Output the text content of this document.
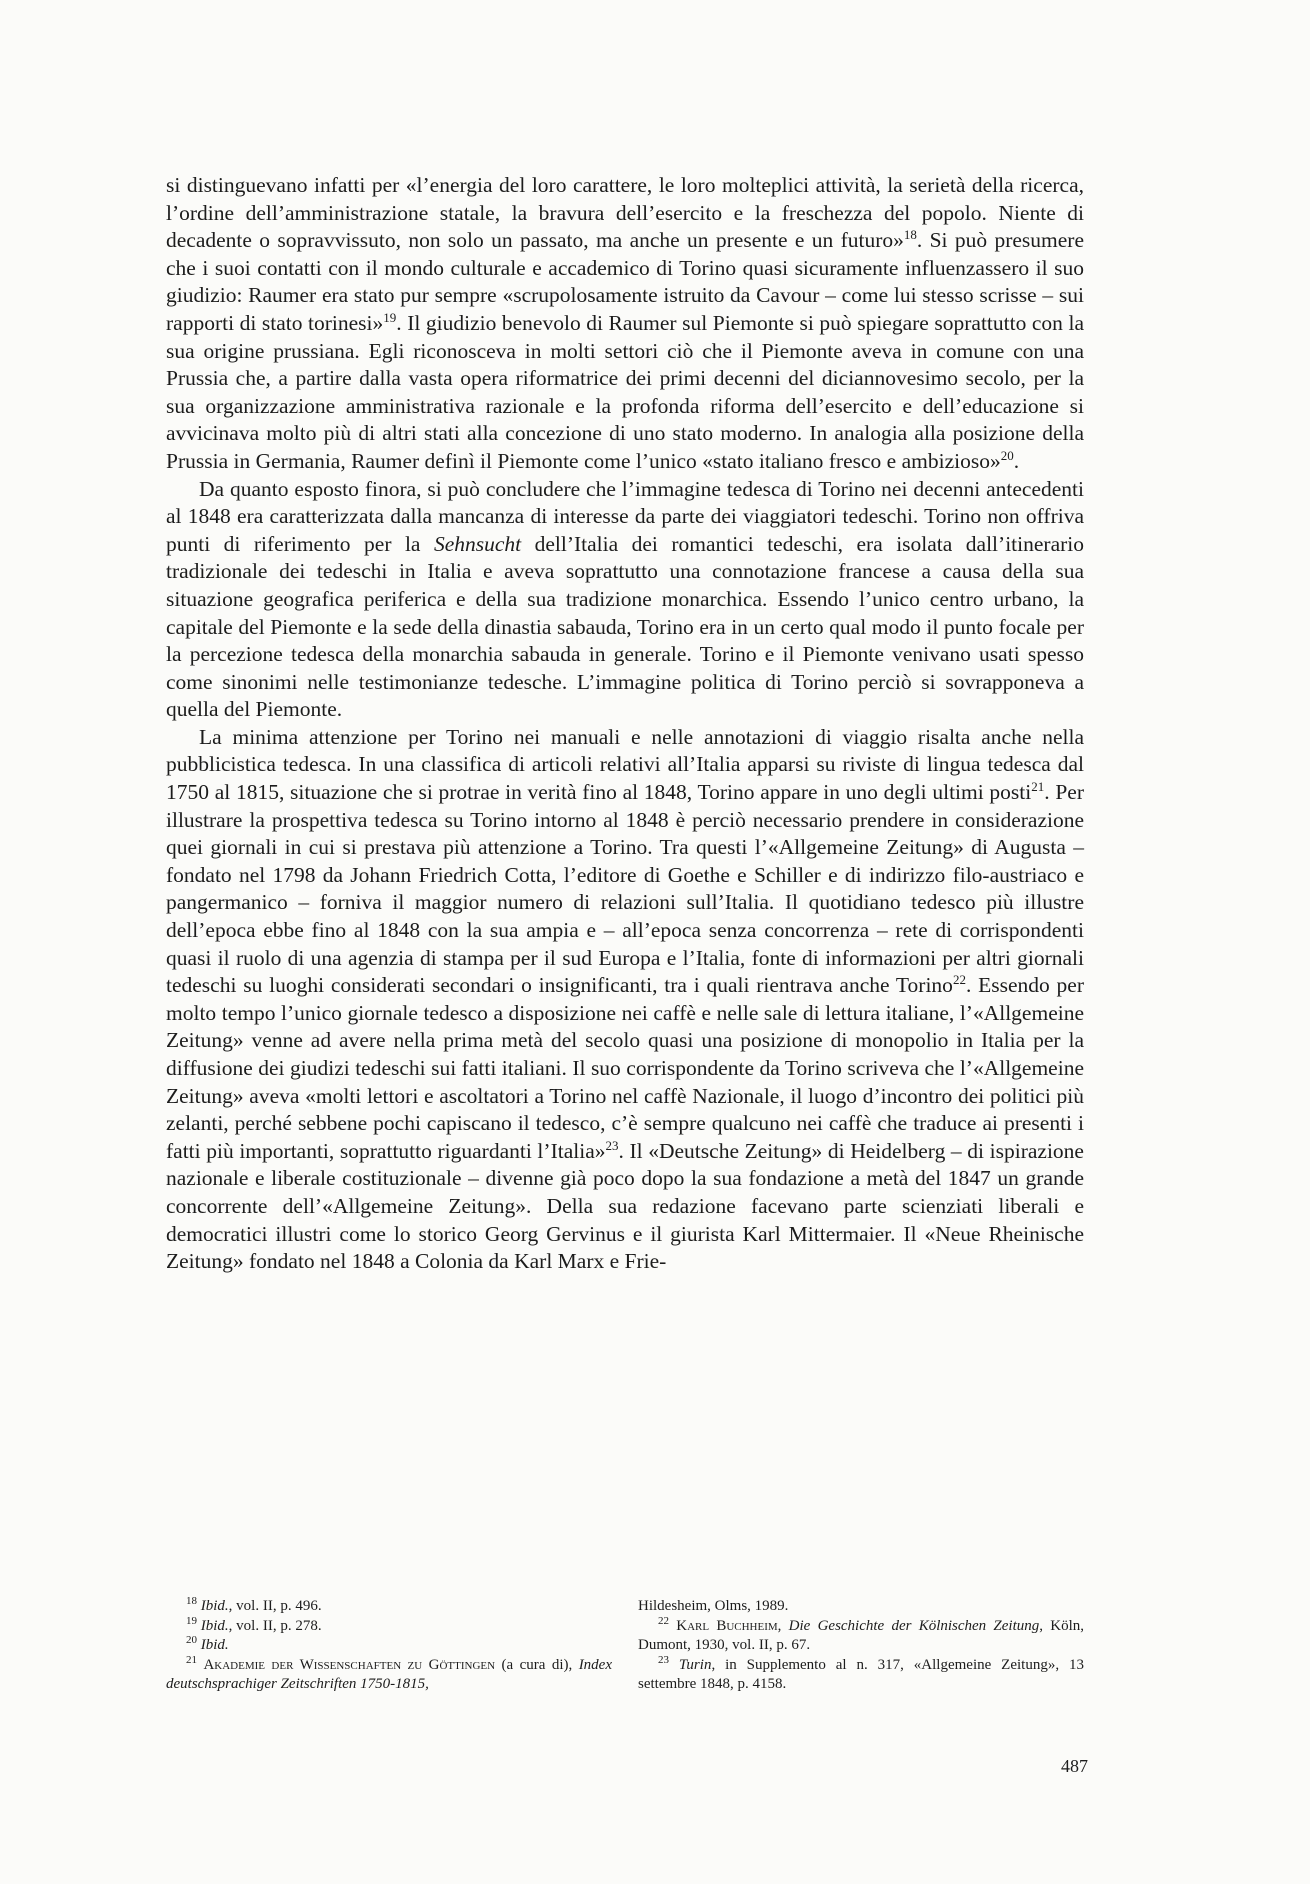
si distinguevano infatti per «l’energia del loro carattere, le loro molteplici attività, la serietà della ricerca, l’ordine dell’amministrazione statale, la bravura dell’esercito e la freschezza del popolo. Niente di decadente o sopravvissuto, non solo un passato, ma anche un presente e un futuro»$^{18}$. Si può presumere che i suoi contatti con il mondo culturale e accademico di Torino quasi sicuramente influenzassero il suo giudizio: Raumer era stato pur sempre «scrupolosamente istruito da Cavour – come lui stesso scrisse – sui rapporti di stato torinesi»$^{19}$. Il giudizio benevolo di Raumer sul Piemonte si può spiegare soprattutto con la sua origine prussiana. Egli riconosceva in molti settori ciò che il Piemonte aveva in comune con una Prussia che, a partire dalla vasta opera riformatrice dei primi decenni del diciannovesimo secolo, per la sua organizzazione amministrativa razionale e la profonda riforma dell’esercito e dell’educazione si avvicinava molto più di altri stati alla concezione di uno stato moderno. In analogia alla posizione della Prussia in Germania, Raumer definì il Piemonte come l’unico «stato italiano fresco e ambizioso»$^{20}$.

Da quanto esposto finora, si può concludere che l’immagine tedesca di Torino nei decenni antecedenti al 1848 era caratterizzata dalla mancanza di interesse da parte dei viaggiatori tedeschi. Torino non offriva punti di riferimento per la Sehnsucht dell’Italia dei romantici tedeschi, era isolata dall’itinerario tradizionale dei tedeschi in Italia e aveva soprattutto una connotazione francese a causa della sua situazione geografica periferica e della sua tradizione monarchica. Essendo l’unico centro urbano, la capitale del Piemonte e la sede della dinastia sabauda, Torino era in un certo qual modo il punto focale per la percezione tedesca della monarchia sabauda in generale. Torino e il Piemonte venivano usati spesso come sinonimi nelle testimonianze tedesche. L’immagine politica di Torino perciò si sovrapponeva a quella del Piemonte.

La minima attenzione per Torino nei manuali e nelle annotazioni di viaggio risalta anche nella pubblicistica tedesca. In una classifica di articoli relativi all’Italia apparsi su riviste di lingua tedesca dal 1750 al 1815, situazione che si protrae in verità fino al 1848, Torino appare in uno degli ultimi posti$^{21}$. Per illustrare la prospettiva tedesca su Torino intorno al 1848 è perciò necessario prendere in considerazione quei giornali in cui si prestava più attenzione a Torino. Tra questi l’«Allgemeine Zeitung» di Augusta – fondato nel 1798 da Johann Friedrich Cotta, l’editore di Goethe e Schiller e di indirizzo filo-austriaco e pangermanico – forniva il maggior numero di relazioni sull’Italia. Il quotidiano tedesco più illustre dell’epoca ebbe fino al 1848 con la sua ampia e – all’epoca senza concorrenza – rete di corrispondenti quasi il ruolo di una agenzia di stampa per il sud Europa e l’Italia, fonte di informazioni per altri giornali tedeschi su luoghi considerati secondari o insignificanti, tra i quali rientrava anche Torino$^{22}$. Essendo per molto tempo l’unico giornale tedesco a disposizione nei caffè e nelle sale di lettura italiane, l’«Allgemeine Zeitung» venne ad avere nella prima metà del secolo quasi una posizione di monopolio in Italia per la diffusione dei giudizi tedeschi sui fatti italiani. Il suo corrispondente da Torino scriveva che l’«Allgemeine Zeitung» aveva «molti lettori e ascoltatori a Torino nel caffè Nazionale, il luogo d’incontro dei politici più zelanti, perché sebbene pochi capiscano il tedesco, c’è sempre qualcuno nei caffè che traduce ai presenti i fatti più importanti, soprattutto riguardanti l’Italia»$^{23}$. Il «Deutsche Zeitung» di Heidelberg – di ispirazione nazionale e liberale costituzionale – divenne già poco dopo la sua fondazione a metà del 1847 un grande concorrente dell’«Allgemeine Zeitung». Della sua redazione facevano parte scienziati liberali e democratici illustri come lo storico Georg Gervinus e il giurista Karl Mittermaier. Il «Neue Rheinische Zeitung» fondato nel 1848 a Colonia da Karl Marx e Frie-

$^{18}$ Ibid., vol. II, p. 496.

$^{19}$ Ibid., vol. II, p. 278.

$^{20}$ Ibid.

$^{21}$ Akademie der Wissenschaften zu Göttingen (a cura di), Index deutschsprachiger Zeitschriften 1750-1815,

Hildesheim, Olms, 1989.

$^{22}$ Karl Buchheim, Die Geschichte der Kölnischen Zeitung, Köln, Dumont, 1930, vol. II, p. 67.

$^{23}$ Turin, in Supplemento al n. 317, «Allgemeine Zeitung», 13 settembre 1848, p. 4158.

487
